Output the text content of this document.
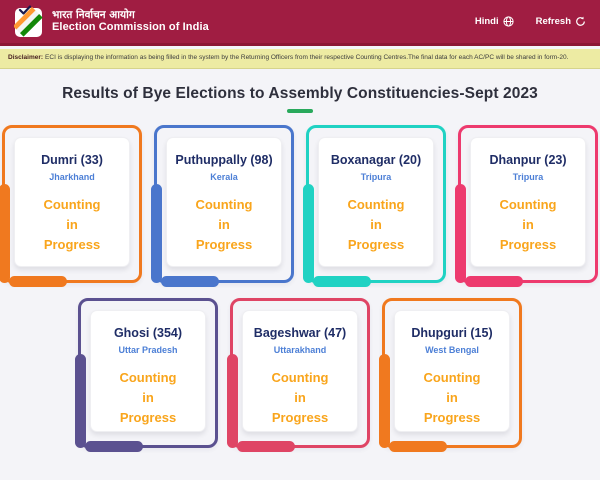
भारत निर्वाचन आयोग
Election Commission of India	Hindi	Refresh
Disclaimer: ECI is displaying the information as being filled in the system by the Returning Officers from their respective Counting Centres.The final data for each AC/PC will be shared in form-20.
Results of Bye Elections to Assembly Constituencies-Sept 2023
Dumri (33)
Jharkhand
Counting
in
Progress
Puthuppally (98)
Kerala
Counting
in
Progress
Boxanagar (20)
Tripura
Counting
in
Progress
Dhanpur (23)
Tripura
Counting
in
Progress
Ghosi (354)
Uttar Pradesh
Counting
in
Progress
Bageshwar (47)
Uttarakhand
Counting
in
Progress
Dhupguri (15)
West Bengal
Counting
in
Progress
